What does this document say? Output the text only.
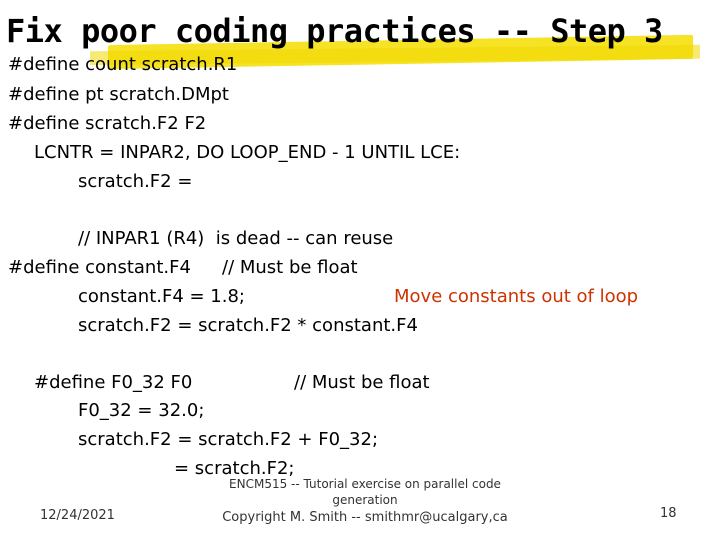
Fix poor coding practices -- Step 3
#define count scratch.R1
#define pt scratch.DMpt
#define scratch.F2 F2
LCNTR = INPAR2, DO LOOP_END - 1 UNTIL LCE:
scratch.F2 =
// INPAR1 (R4)  is dead -- can reuse
#define constant.F4 // Must be float
constant.F4 = 1.8;	Move constants out of loop
scratch.F2 = scratch.F2 * constant.F4
#define F0_32 F0	// Must be float
F0_32 = 32.0;
scratch.F2 = scratch.F2 + F0_32;
= scratch.F2;
12/24/2021
ENCM515 -- Tutorial exercise on parallel code
generation
Copyright M. Smith -- smithmr@ucalgary,ca	18
